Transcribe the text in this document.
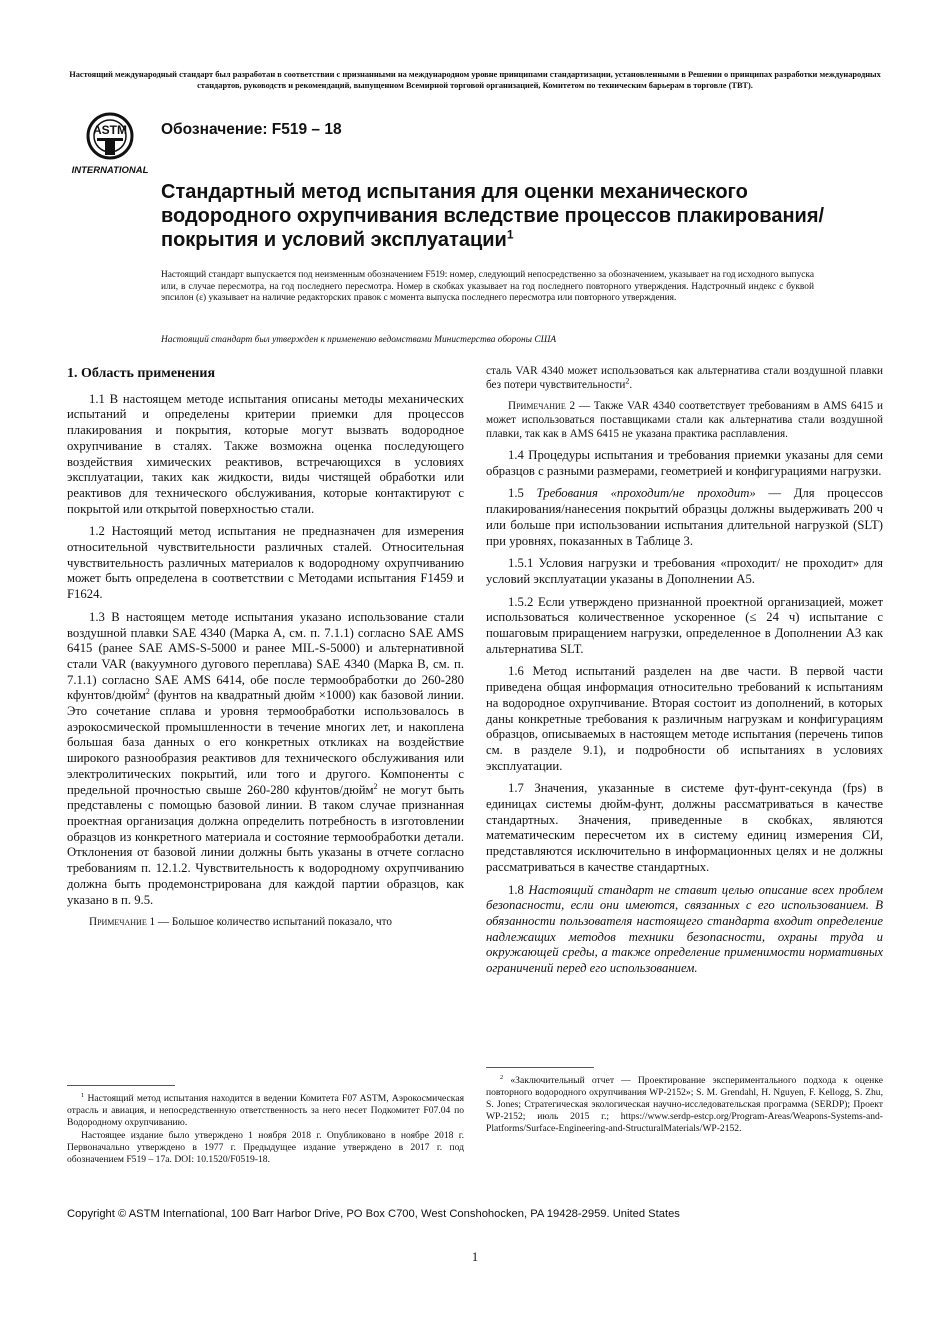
Настоящий международный стандарт был разработан в соответствии с признанными на международном уровне принципами стандартизации, установленными в Решении о принципах разработки международных стандартов, руководств и рекомендаций, выпущенном Всемирной торговой организацией, Комитетом по техническим барьерам в торговле (ТВТ).
ASTM
INTERNATIONAL
Обозначение: F519 – 18
Стандартный метод испытания для оценки механического водородного охрупчивания вследствие процессов плакирования/покрытия и условий эксплуатации$^1$
Настоящий стандарт выпускается под неизменным обозначением F519: номер, следующий непосредственно за обозначением, указывает на год исходного выпуска или, в случае пересмотра, на год последнего пересмотра. Номер в скобках указывает на год последнего повторного утверждения. Надстрочный индекс с буквой эпсилон (ε) указывает на наличие редакторских правок с момента выпуска последнего пересмотра или повторного утверждения.
Настоящий стандарт был утвержден к применению ведомствами Министерства обороны США

1. Область применения

1.1 В настоящем методе испытания описаны методы механических испытаний и определены критерии приемки для процессов плакирования и покрытия, которые могут вызвать водородное охрупчивание в сталях. Также возможна оценка последующего воздействия химических реактивов, встречающихся в условиях эксплуатации, таких как жидкости, виды чистящей обработки или реактивов для технического обслуживания, которые контактируют с покрытой или открытой поверхностью стали.

1.2 Настоящий метод испытания не предназначен для измерения относительной чувствительности различных сталей. Относительная чувствительность различных материалов к водородному охрупчиванию может быть определена в соответствии с Методами испытания F1459 и F1624.

1.3 В настоящем методе испытания указано использование стали воздушной плавки SAE 4340 (Марка A, см. п. 7.1.1) согласно SAE AMS 6415 (ранее SAE AMS-S-5000 и ранее MIL-S-5000) и альтернативной стали VAR (вакуумного дугового переплава) SAE 4340 (Марка B, см. п. 7.1.1) согласно SAE AMS 6414, обе после термообработки до 260-280 кфунтов/дюйм$^2$ (фунтов на квадратный дюйм ×1000) как базовой линии. Это сочетание сплава и уровня термообработки использовалось в аэрокосмической промышленности в течение многих лет, и накоплена большая база данных о его конкретных откликах на воздействие широкого разнообразия реактивов для технического обслуживания или электролитических покрытий, или того и другого. Компоненты с предельной прочностью свыше 260-280 кфунтов/дюйм$^2$ не могут быть представлены с помощью базовой линии. В таком случае признанная проектная организация должна определить потребность в изготовлении образцов из конкретного материала и состояние термообработки детали. Отклонения от базовой линии должны быть указаны в отчете согласно требованиям п. 12.1.2. Чувствительность к водородному охрупчиванию должна быть продемонстрирована для каждой партии образцов, как указано в п. 9.5.

Примечание 1 — Большое количество испытаний показало, что

сталь VAR 4340 может использоваться как альтернатива стали воздушной плавки без потери чувствительности$^2$.

Примечание 2 — Также VAR 4340 соответствует требованиям в AMS 6415 и может использоваться поставщиками стали как альтернатива стали воздушной плавки, так как в AMS 6415 не указана практика расплавления.

1.4 Процедуры испытания и требования приемки указаны для семи образцов с разными размерами, геометрией и конфигурациями нагрузки.

1.5 Требования «проходит/не проходит» — Для процессов плакирования/нанесения покрытий образцы должны выдерживать 200 ч или больше при использовании испытания длительной нагрузкой (SLT) при уровнях, показанных в Таблице 3.

1.5.1 Условия нагрузки и требования «проходит/ не проходит» для условий эксплуатации указаны в Дополнении A5.

1.5.2 Если утверждено признанной проектной организацией, может использоваться количественное ускоренное (≤ 24 ч) испытание с пошаговым приращением нагрузки, определенное в Дополнении A3 как альтернатива SLT.

1.6 Метод испытаний разделен на две части. В первой части приведена общая информация относительно требований к испытаниям на водородное охрупчивание. Вторая состоит из дополнений, в которых даны конкретные требования к различным нагрузкам и конфигурациям образцов, описываемых в настоящем методе испытания (перечень типов см. в разделе 9.1), и подробности об испытаниях в условиях эксплуатации.

1.7 Значения, указанные в системе фут-фунт-секунда (fps) в единицах системы дюйм-фунт, должны рассматриваться в качестве стандартных. Значения, приведенные в скобках, являются математическим пересчетом их в систему единиц измерения СИ, представляются исключительно в информационных целях и не должны рассматриваться в качестве стандартных.

1.8 Настоящий стандарт не ставит целью описание всех проблем безопасности, если они имеются, связанных с его использованием. В обязанности пользователя настоящего стандарта входит определение надлежащих методов техники безопасности, охраны труда и окружающей среды, а также определение применимости нормативных ограничений перед его использованием.

$^1$ Настоящий метод испытания находится в ведении Комитета F07 ASTM, Аэрокосмическая отрасль и авиация, и непосредственную ответственность за него несет Подкомитет F07.04 по Водородному охрупчиванию.

Настоящее издание было утверждено 1 ноября 2018 г. Опубликовано в ноябре 2018 г. Первоначально утверждено в 1977 г. Предыдущее издание утверждено в 2017 г. под обозначением F519 – 17a. DOI: 10.1520/F0519-18.

$^2$ «Заключительный отчет — Проектирование экспериментального подхода к оценке повторного водородного охрупчивания WP-2152»; S. M. Grendahl, H. Nguyen, F. Kellogg, S. Zhu, S. Jones; Стратегическая экологическая научно-исследовательская программа (SERDP); Проект WP-2152; июль 2015 г.; https://www.serdp-estcp.org/Program-Areas/Weapons-Systems-and-Platforms/Surface-Engineering-and-StructuralMaterials/WP-2152.

Copyright © ASTM International, 100 Barr Harbor Drive, PO Box C700, West Conshohocken, PA 19428-2959. United States
1
